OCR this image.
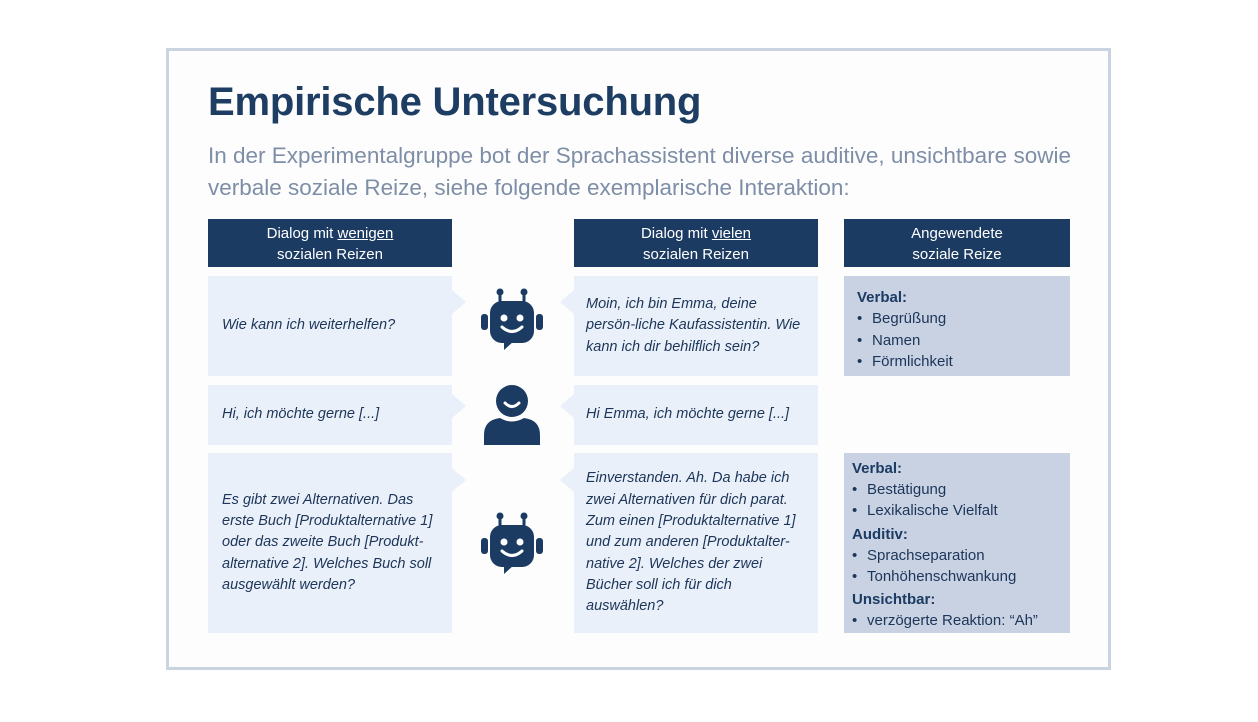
Empirische Untersuchung
In der Experimentalgruppe bot der Sprachassistent diverse auditive, unsichtbare sowie verbale soziale Reize, siehe folgende exemplarische Interaktion:
Dialog mit wenigen
sozialen Reizen
Dialog mit vielen
sozialen Reizen
Angewendete
soziale Reize
Wie kann ich weiterhelfen?
Moin, ich bin Emma, deine persön-liche Kaufassistentin. Wie kann ich dir behilflich sein?
Verbal:
• Begrüßung
• Namen
• Förmlichkeit
Hi, ich möchte gerne [...]	Hi Emma, ich möchte gerne [...]
Es gibt zwei Alternativen. Das erste Buch [Produktalternative 1] oder das zweite Buch [Produkt-alternative 2]. Welches Buch soll ausgewählt werden?
Einverstanden. Ah. Da habe ich zwei Alternativen für dich parat. Zum einen [Produktalternative 1] und zum anderen [Produktalter-native 2]. Welches der zwei Bücher soll ich für dich auswählen?
Verbal:
• Bestätigung
• Lexikalische Vielfalt
Auditiv:
• Sprachseparation
• Tonhöhenschwankung
Unsichtbar:
• verzögerte Reaktion: “Ah”
